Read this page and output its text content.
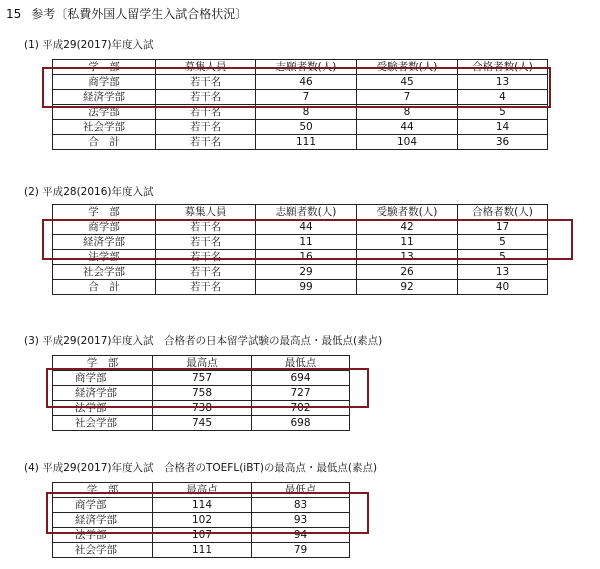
15 参考〔私費外国人留学生入試合格状況〕
(1) 平成29(2017)年度入試
学　部	募集人員	志願者数(人)	受験者数(人)	合格者数(人)
商学部	若干名	46	45	13
経済学部	若干名	7	7	4
法学部	若干名	8	8	5
社会学部	若干名	50	44	14
合　計	若干名	111	104	36
(2) 平成28(2016)年度入試
学　部	募集人員	志願者数(人)	受験者数(人)	合格者数(人)
商学部	若干名	44	42	17
経済学部	若干名	11	11	5
法学部	若干名	16	13	5
社会学部	若干名	29	26	13
合　計	若干名	99	92	40
(3) 平成29(2017)年度入試　合格者の日本留学試験の最高点・最低点(素点)
学　部	最高点	最低点
商学部	757	694
経済学部	758	727
法学部	738	702
社会学部	745	698
(4) 平成29(2017)年度入試　合格者のTOEFL(iBT)の最高点・最低点(素点)
学　部	最高点	最低点
商学部	114	83
経済学部	102	93
法学部	107	94
社会学部	111	79
